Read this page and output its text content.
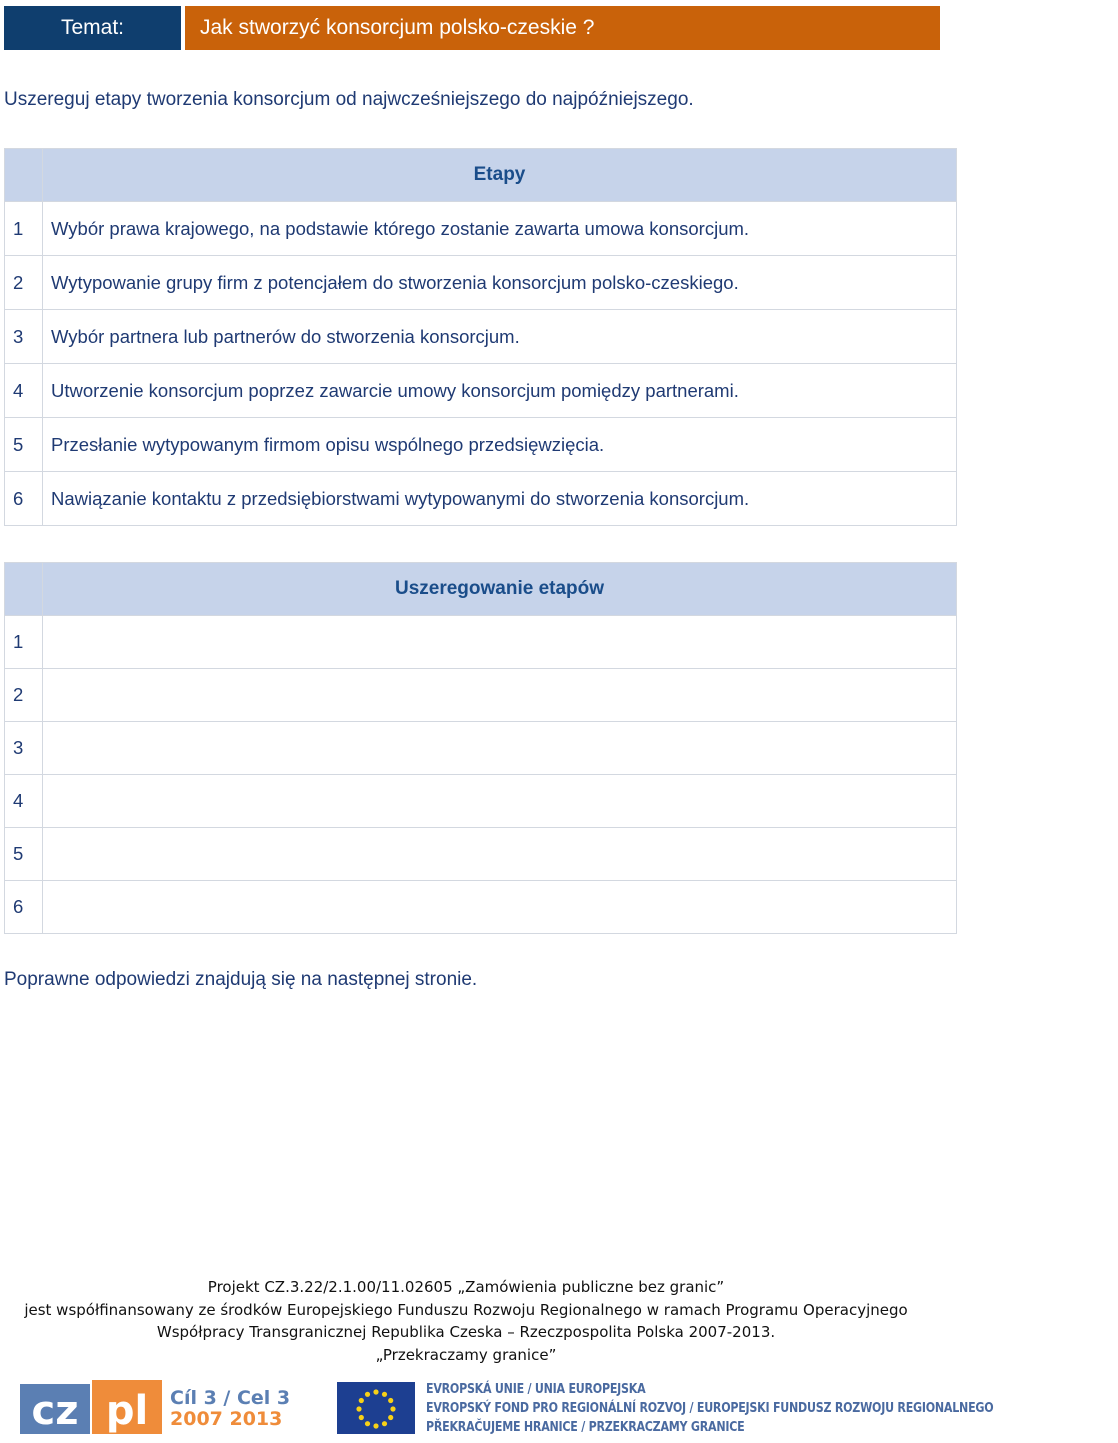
Temat:	Jak stworzyć konsorcjum polsko-czeskie ?
Uszereguj etapy tworzenia konsorcjum od najwcześniejszego do najpóźniejszego.
	Etapy
1	Wybór prawa krajowego, na podstawie którego zostanie zawarta umowa konsorcjum.
2	Wytypowanie grupy firm z potencjałem do stworzenia konsorcjum polsko-czeskiego.
3	Wybór partnera lub partnerów do stworzenia konsorcjum.
4	Utworzenie konsorcjum poprzez zawarcie umowy konsorcjum pomiędzy partnerami.
5	Przesłanie wytypowanym firmom opisu wspólnego przedsięwzięcia.
6	Nawiązanie kontaktu z przedsiębiorstwami wytypowanymi do stworzenia konsorcjum.
	Uszeregowanie etapów
1	
2	
3	
4	
5	
6	
Poprawne odpowiedzi znajdują się na następnej stronie.
Projekt CZ.3.22/2.1.00/11.02605 „Zamówienia publiczne bez granic”
jest współfinansowany ze środków Europejskiego Funduszu Rozwoju Regionalnego w ramach Programu Operacyjnego
Współpracy Transgranicznej Republika Czeska – Rzeczpospolita Polska 2007-2013.
„Przekraczamy granice”
cz pl Cíl 3 / Cel 3
2007 2013
EVROPSKÁ UNIE / UNIA EUROPEJSKA
EVROPSKÝ FOND PRO REGIONÁLNÍ ROZVOJ / EUROPEJSKI FUNDUSZ ROZWOJU REGIONALNEGO
PŘEKRAČUJEME HRANICE / PRZEKRACZAMY GRANICE
